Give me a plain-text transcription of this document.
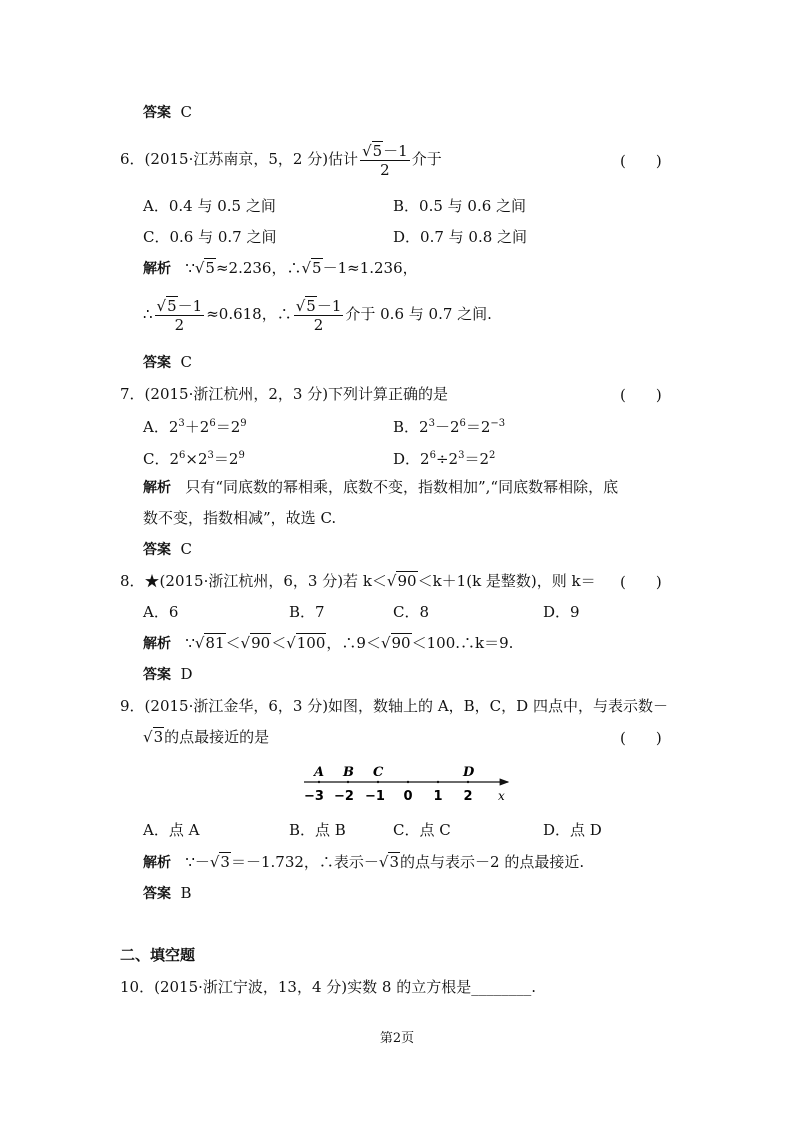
答案 C
6．(2015·江苏南京，5，2 分)估计 $\frac{√5-1}{2}$ 介于	(　　)
A．0.4 与 0.5 之间	B．0.5 与 0.6 之间
C．0.6 与 0.7 之间	D．0.7 与 0.8 之间
解析 ∵√5≈2.236，∴√5－1≈1.236，
∴ $\frac{√5-1}{2} \approx 0.618$，∴ $\frac{√5-1}{2}$ 介于 0.6 与 0.7 之间.
答案 C
7．(2015·浙江杭州，2，3 分)下列计算正确的是	(　　)
A．$2^3+2^6=2^9$	B．$2^3-2^6=2^{-3}$
C．$2^6\times 2^3=2^9$	D．$2^6\div 2^3=2^2$
解析 只有“同底数的幂相乘，底数不变，指数相加”,“同底数幂相除，底
数不变，指数相减”，故选 C.
答案 C
8．★(2015·浙江杭州，6，3 分)若 k＜√90＜k＋1(k 是整数)，则 k＝ (　　)
A．6	B．7	C．8	D．9
解析 ∵√81＜√90＜√100，∴9＜√90＜100.∴k＝9.
答案 D
9．(2015·浙江金华，6，3 分)如图，数轴上的 A，B，C，D 四点中，与表示数－
√3的点最接近的是	(　　)
A B C	D
−3 −2 −1 0 1 2 x
A．点 A	B．点 B	C．点 C	D．点 D
解析 ∵－√3＝－1.732，∴表示－√3的点与表示－2 的点最接近.
答案 B
二、填空题
10．(2015·浙江宁波，13，4 分)实数 8 的立方根是________.
第2页
